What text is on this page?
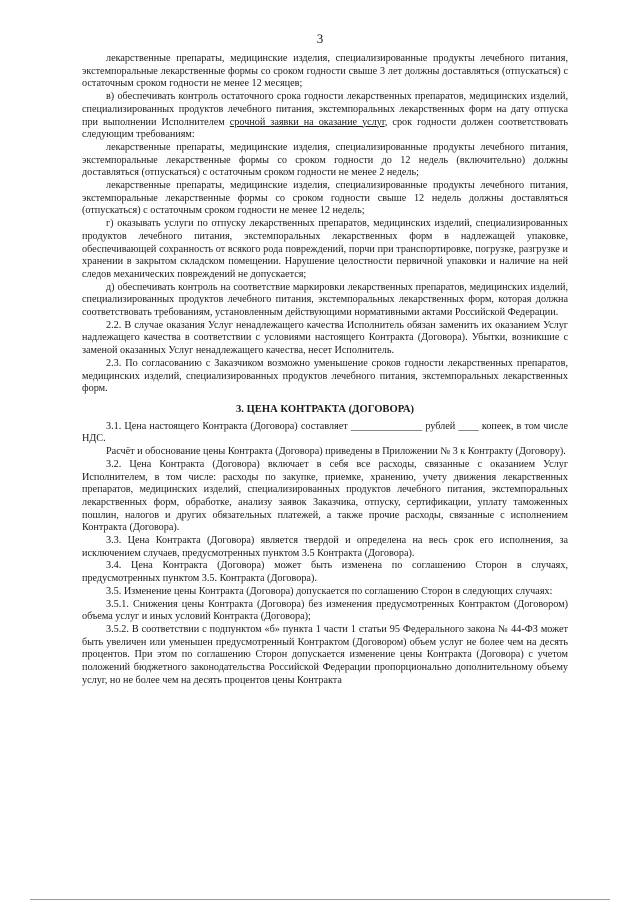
3

лекарственные препараты, медицинские изделия, специализированные продукты лечебного питания, экстемпоральные лекарственные формы со сроком годности свыше 3 лет должны доставляться (отпускаться) с остаточным сроком годности не менее 12 месяцев;

в) обеспечивать контроль остаточного срока годности лекарственных препаратов, медицинских изделий, специализированных продуктов лечебного питания, экстемпоральных лекарственных форм на дату отпуска при выполнении Исполнителем срочной заявки на оказание услуг, срок годности должен соответствовать следующим требованиям:

лекарственные препараты, медицинские изделия, специализированные продукты лечебного питания, экстемпоральные лекарственные формы со сроком годности до 12 недель (включительно) должны доставляться (отпускаться) с остаточным сроком годности не менее 2 недель;

лекарственные препараты, медицинские изделия, специализированные продукты лечебного питания, экстемпоральные лекарственные формы со сроком годности свыше 12 недель должны доставляться (отпускаться) с остаточным сроком годности не менее 12 недель;

г) оказывать услуги по отпуску лекарственных препаратов, медицинских изделий, специализированных продуктов лечебного питания, экстемпоральных лекарственных форм в надлежащей упаковке, обеспечивающей сохранность от всякого рода повреждений, порчи при транспортировке, погрузке, разгрузке и хранении в закрытом складском помещении. Нарушение целостности первичной упаковки и наличие на ней следов механических повреждений не допускается;

д) обеспечивать контроль на соответствие маркировки лекарственных препаратов, медицинских изделий, специализированных продуктов лечебного питания, экстемпоральных лекарственных форм, которая должна соответствовать требованиям, установленным действующими нормативными актами Российской Федерации.

2.2. В случае оказания Услуг ненадлежащего качества Исполнитель обязан заменить их оказанием Услуг надлежащего качества в соответствии с условиями настоящего Контракта (Договора). Убытки, возникшие с заменой оказанных Услуг ненадлежащего качества, несет Исполнитель.

2.3. По согласованию с Заказчиком возможно уменьшение сроков годности лекарственных препаратов, медицинских изделий, специализированных продуктов лечебного питания, экстемпоральных лекарственных форм.

3. ЦЕНА КОНТРАКТА (ДОГОВОРА)

3.1. Цена настоящего Контракта (Договора) составляет ______________ рублей ____ копеек, в том числе НДС.

Расчёт и обоснование цены Контракта (Договора) приведены в Приложении № 3 к Контракту (Договору).

3.2. Цена Контракта (Договора) включает в себя все расходы, связанные с оказанием Услуг Исполнителем, в том числе: расходы по закупке, приемке, хранению, учету движения лекарственных препаратов, медицинских изделий, специализированных продуктов лечебного питания, экстемпоральных лекарственных форм, обработке, анализу заявок Заказчика, отпуску, сертификации, уплату таможенных пошлин, налогов и других обязательных платежей, а также прочие расходы, связанные с исполнением Контракта (Договора).

3.3. Цена Контракта (Договора) является твердой и определена на весь срок его исполнения, за исключением случаев, предусмотренных пунктом 3.5 Контракта (Договора).

3.4. Цена Контракта (Договора) может быть изменена по соглашению Сторон в случаях, предусмотренных пунктом 3.5. Контракта (Договора).

3.5. Изменение цены Контракта (Договора) допускается по соглашению Сторон в следующих случаях:

3.5.1. Снижения цены Контракта (Договора) без изменения предусмотренных Контрактом (Договором) объема услуг и иных условий Контракта (Договора);

3.5.2. В соответствии с подпунктом «б» пункта 1 части 1 статьи 95 Федерального закона № 44-ФЗ может быть увеличен или уменьшен предусмотренный Контрактом (Договором) объем услуг не более чем на десять процентов. При этом по соглашению Сторон допускается изменение цены Контракта (Договора) с учетом положений бюджетного законодательства Российской Федерации пропорционально дополнительному объему услуг, но не более чем на десять процентов цены Контракта
